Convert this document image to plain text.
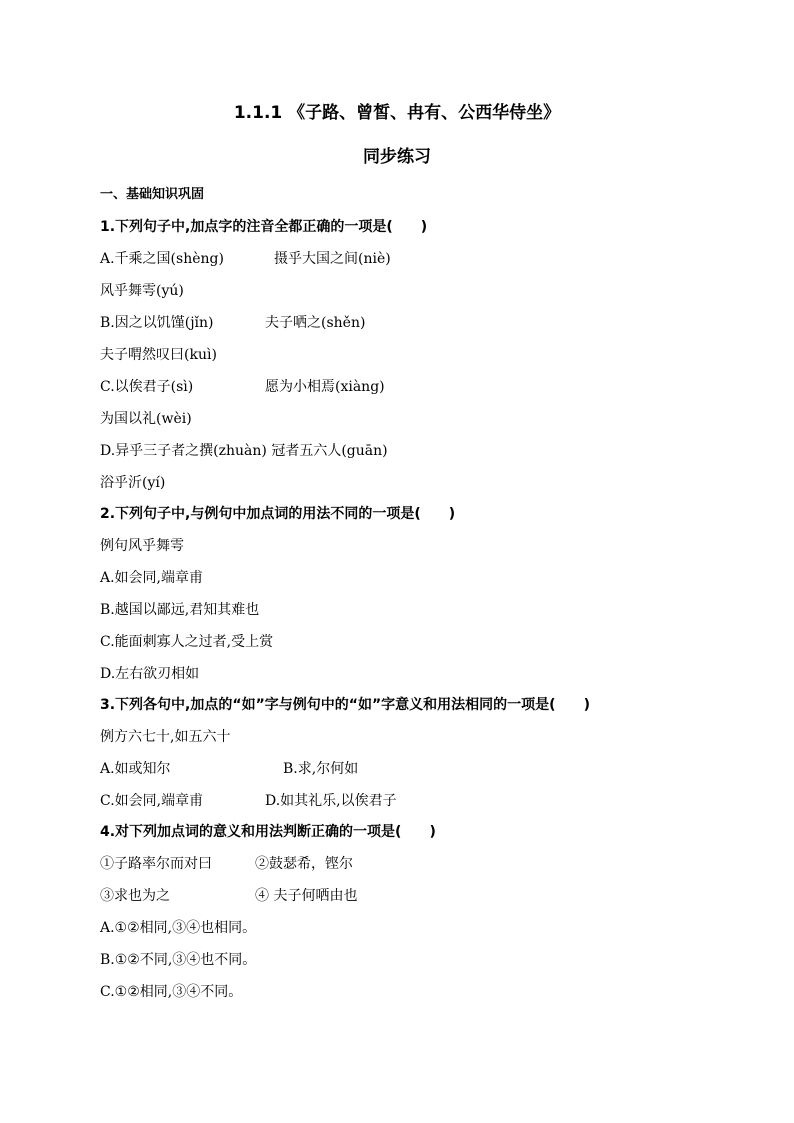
1.1.1 《子路、曾皙、冉有、公西华侍坐》
同步练习
一、基础知识巩固
1.下列句子中,加点字的注音全都正确的一项是(　　)
A.千乘之国(shèng)	摄乎大国之间(niè)
风乎舞雩(yú)
B.因之以饥馑(jǐn)	夫子哂之(shěn)
夫子喟然叹曰(kuì)
C.以俟君子(sì)	愿为小相焉(xiàng)
为国以礼(wèi)
D.异乎三子者之撰(zhuàn) 冠者五六人(guān)
浴乎沂(yí)
2.下列句子中,与例句中加点词的用法不同的一项是(　　)
例句风乎舞雩
A.如会同,端章甫
B.越国以鄙远,君知其难也
C.能面刺寡人之过者,受上赏
D.左右欲刃相如
3.下列各句中,加点的“如”字与例句中的“如”字意义和用法相同的一项是(　　)
例方六七十,如五六十
A.如或知尔	B.求,尔何如
C.如会同,端章甫	D.如其礼乐,以俟君子
4.对下列加点词的意义和用法判断正确的一项是(　　)
①子路率尔而对曰	②鼓瑟希，铿尔
③求也为之	④ 夫子何哂由也
A.①②相同,③④也相同。
B.①②不同,③④也不同。
C.①②相同,③④不同。
